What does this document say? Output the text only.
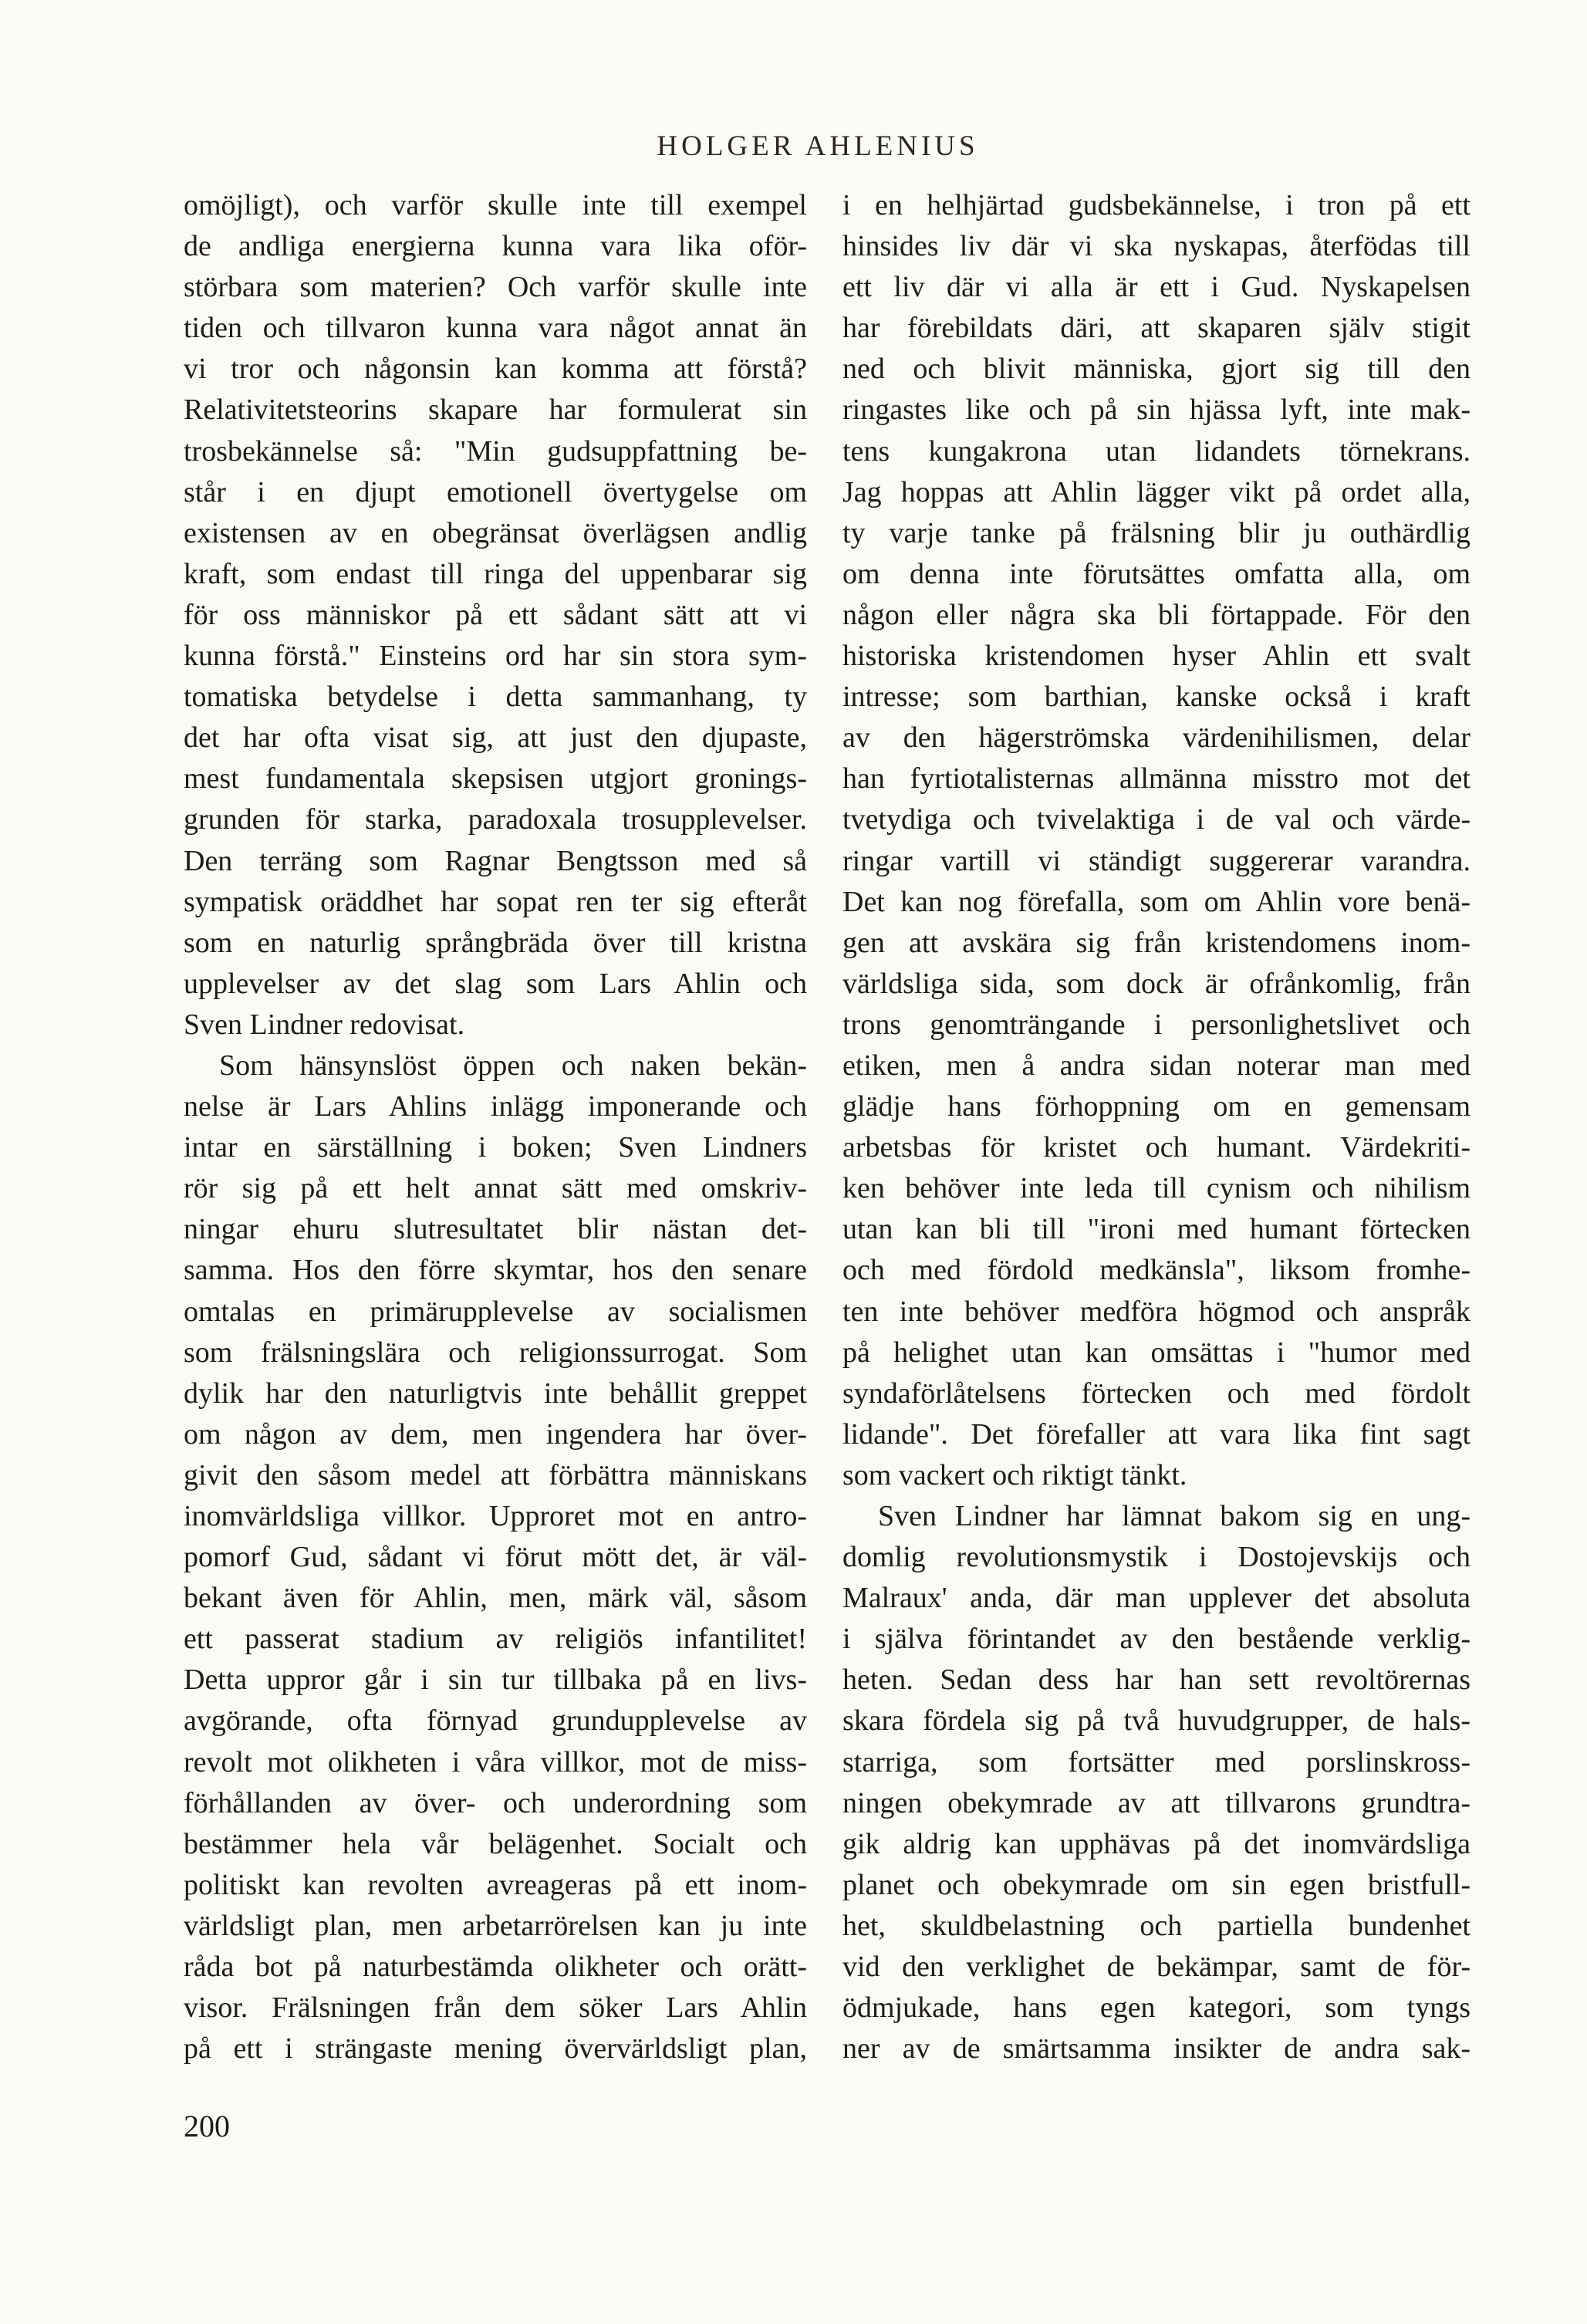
HOLGER AHLENIUS
omöjligt), och varför skulle inte till exempel
de andliga energierna kunna vara lika oför-
störbara som materien? Och varför skulle inte
tiden och tillvaron kunna vara något annat än
vi tror och någonsin kan komma att förstå?
Relativitetsteorins skapare har formulerat sin
trosbekännelse så: "Min gudsuppfattning be-
står i en djupt emotionell övertygelse om
existensen av en obegränsat överlägsen andlig
kraft, som endast till ringa del uppenbarar sig
för oss människor på ett sådant sätt att vi
kunna förstå." Einsteins ord har sin stora sym-
tomatiska betydelse i detta sammanhang, ty
det har ofta visat sig, att just den djupaste,
mest fundamentala skepsisen utgjort gronings-
grunden för starka, paradoxala trosupplevelser.
Den terräng som Ragnar Bengtsson med så
sympatisk oräddhet har sopat ren ter sig efteråt
som en naturlig språngbräda över till kristna
upplevelser av det slag som Lars Ahlin och
Sven Lindner redovisat.
Som hänsynslöst öppen och naken bekän-
nelse är Lars Ahlins inlägg imponerande och
intar en särställning i boken; Sven Lindners
rör sig på ett helt annat sätt med omskriv-
ningar ehuru slutresultatet blir nästan det-
samma. Hos den förre skymtar, hos den senare
omtalas en primärupplevelse av socialismen
som frälsningslära och religionssurrogat. Som
dylik har den naturligtvis inte behållit greppet
om någon av dem, men ingendera har över-
givit den såsom medel att förbättra människans
inomvärldsliga villkor. Upproret mot en antro-
pomorf Gud, sådant vi förut mött det, är väl-
bekant även för Ahlin, men, märk väl, såsom
ett passerat stadium av religiös infantilitet!
Detta uppror går i sin tur tillbaka på en livs-
avgörande, ofta förnyad grundupplevelse av
revolt mot olikheten i våra villkor, mot de miss-
förhållanden av över- och underordning som
bestämmer hela vår belägenhet. Socialt och
politiskt kan revolten avreageras på ett inom-
världsligt plan, men arbetarrörelsen kan ju inte
råda bot på naturbestämda olikheter och orätt-
visor. Frälsningen från dem söker Lars Ahlin
på ett i strängaste mening övervärldsligt plan,
i en helhjärtad gudsbekännelse, i tron på ett
hinsides liv där vi ska nyskapas, återfödas till
ett liv där vi alla är ett i Gud. Nyskapelsen
har förebildats däri, att skaparen själv stigit
ned och blivit människa, gjort sig till den
ringastes like och på sin hjässa lyft, inte mak-
tens kungakrona utan lidandets törnekrans.
Jag hoppas att Ahlin lägger vikt på ordet alla,
ty varje tanke på frälsning blir ju outhärdlig
om denna inte förutsättes omfatta alla, om
någon eller några ska bli förtappade. För den
historiska kristendomen hyser Ahlin ett svalt
intresse; som barthian, kanske också i kraft
av den hägerströmska värdenihilismen, delar
han fyrtiotalisternas allmänna misstro mot det
tvetydiga och tvivelaktiga i de val och värde-
ringar vartill vi ständigt suggererar varandra.
Det kan nog förefalla, som om Ahlin vore benä-
gen att avskära sig från kristendomens inom-
världsliga sida, som dock är ofrånkomlig, från
trons genomträngande i personlighetslivet och
etiken, men å andra sidan noterar man med
glädje hans förhoppning om en gemensam
arbetsbas för kristet och humant. Värdekriti-
ken behöver inte leda till cynism och nihilism
utan kan bli till "ironi med humant förtecken
och med fördold medkänsla", liksom fromhe-
ten inte behöver medföra högmod och anspråk
på helighet utan kan omsättas i "humor med
syndaförlåtelsens förtecken och med fördolt
lidande". Det förefaller att vara lika fint sagt
som vackert och riktigt tänkt.
Sven Lindner har lämnat bakom sig en ung-
domlig revolutionsmystik i Dostojevskijs och
Malraux' anda, där man upplever det absoluta
i själva förintandet av den bestående verklig-
heten. Sedan dess har han sett revoltörernas
skara fördela sig på två huvudgrupper, de hals-
starriga, som fortsätter med porslinskross-
ningen obekymrade av att tillvarons grundtra-
gik aldrig kan upphävas på det inomvärdsliga
planet och obekymrade om sin egen bristfull-
het, skuldbelastning och partiella bundenhet
vid den verklighet de bekämpar, samt de för-
ödmjukade, hans egen kategori, som tyngs
ner av de smärtsamma insikter de andra sak-
200
